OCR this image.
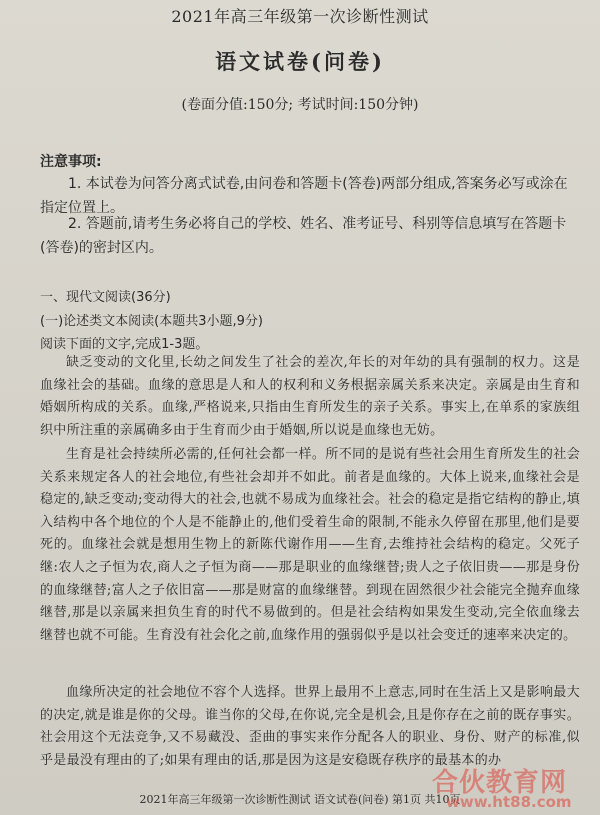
2021年高三年级第一次诊断性测试
语文试卷(问卷)
(卷面分值:150分; 考试时间:150分钟)
注意事项:
1. 本试卷为问答分离式试卷,由问卷和答题卡(答卷)两部分组成,答案务必写或涂在指定位置上。
2. 答题前,请考生务必将自己的学校、姓名、准考证号、科别等信息填写在答题卡(答卷)的密封区内。
一、现代文阅读(36分)
(一)论述类文本阅读(本题共3小题,9分)
阅读下面的文字,完成1-3题。
缺乏变动的文化里,长幼之间发生了社会的差次,年长的对年幼的具有强制的权力。这是血缘社会的基础。血缘的意思是人和人的权利和义务根据亲属关系来决定。亲属是由生育和婚姻所构成的关系。血缘,严格说来,只指由生育所发生的亲子关系。事实上,在单系的家族组织中所注重的亲属确多由于生育而少由于婚姻,所以说是血缘也无妨。
生育是社会持续所必需的,任何社会都一样。所不同的是说有些社会用生育所发生的社会关系来规定各人的社会地位,有些社会却并不如此。前者是血缘的。大体上说来,血缘社会是稳定的,缺乏变动;变动得大的社会,也就不易成为血缘社会。社会的稳定是指它结构的静止,填入结构中各个地位的个人是不能静止的,他们受着生命的限制,不能永久停留在那里,他们是要死的。血缘社会就是想用生物上的新陈代谢作用——生育,去维持社会结构的稳定。父死子继:农人之子恒为农,商人之子恒为商——那是职业的血缘继替;贵人之子依旧贵——那是身份的血缘继替;富人之子依旧富——那是财富的血缘继替。到现在固然很少社会能完全抛弃血缘继替,那是以亲属来担负生育的时代不易做到的。但是社会结构如果发生变动,完全依血缘去继替也就不可能。生育没有社会化之前,血缘作用的强弱似乎是以社会变迁的速率来决定的。
血缘所决定的社会地位不容个人选择。世界上最用不上意志,同时在生活上又是影响最大的决定,就是谁是你的父母。谁当你的父母,在你说,完全是机会,且是你存在之前的既存事实。社会用这个无法竞争,又不易藏没、歪曲的事实来作分配各人的职业、身份、财产的标准,似乎是最没有理由的了;如果有理由的话,那是因为这是安稳既存秩序的最基本的办
2021年高三年级第一次诊断性测试 语文试卷(问卷) 第1页 共10页
合伙教育网
www.ht88.com
